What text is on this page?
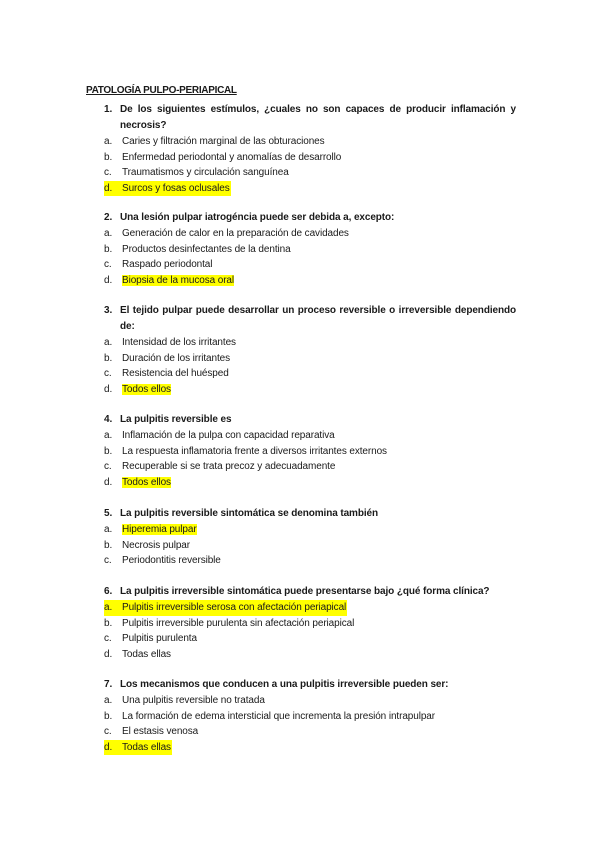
PATOLOGÍA PULPO-PERIAPICAL
1. De los siguientes estímulos, ¿cuales no son capaces de producir inflamación y necrosis?
a. Caries y filtración marginal de las obturaciones
b. Enfermedad periodontal y anomalías de desarrollo
c. Traumatismos y circulación sanguínea
d. Surcos y fosas oclusales
2. Una lesión pulpar iatrogéncia puede ser debida a, excepto:
a. Generación de calor en la preparación de cavidades
b. Productos desinfectantes de la dentina
c. Raspado periodontal
d. Biopsia de la mucosa oral
3. El tejido pulpar puede desarrollar un proceso reversible o irreversible dependiendo de:
a. Intensidad de los irritantes
b. Duración de los irritantes
c. Resistencia del huésped
d. Todos ellos
4. La pulpitis reversible es
a. Inflamación de la pulpa con capacidad reparativa
b. La respuesta inflamatoria frente a diversos irritantes externos
c. Recuperable si se trata precoz y adecuadamente
d. Todos ellos
5. La pulpitis reversible sintomática se denomina también
a. Hiperemia pulpar
b. Necrosis pulpar
c. Periodontitis reversible
6. La pulpitis irreversible sintomática puede presentarse bajo ¿qué forma clínica?
a. Pulpitis irreversible serosa con afectación periapical
b. Pulpitis irreversible purulenta sin afectación periapical
c. Pulpitis purulenta
d. Todas ellas
7. Los mecanismos que conducen a una pulpitis irreversible pueden ser:
a. Una pulpitis reversible no tratada
b. La formación de edema intersticial que incrementa la presión intrapulpar
c. El estasis venosa
d. Todas ellas
